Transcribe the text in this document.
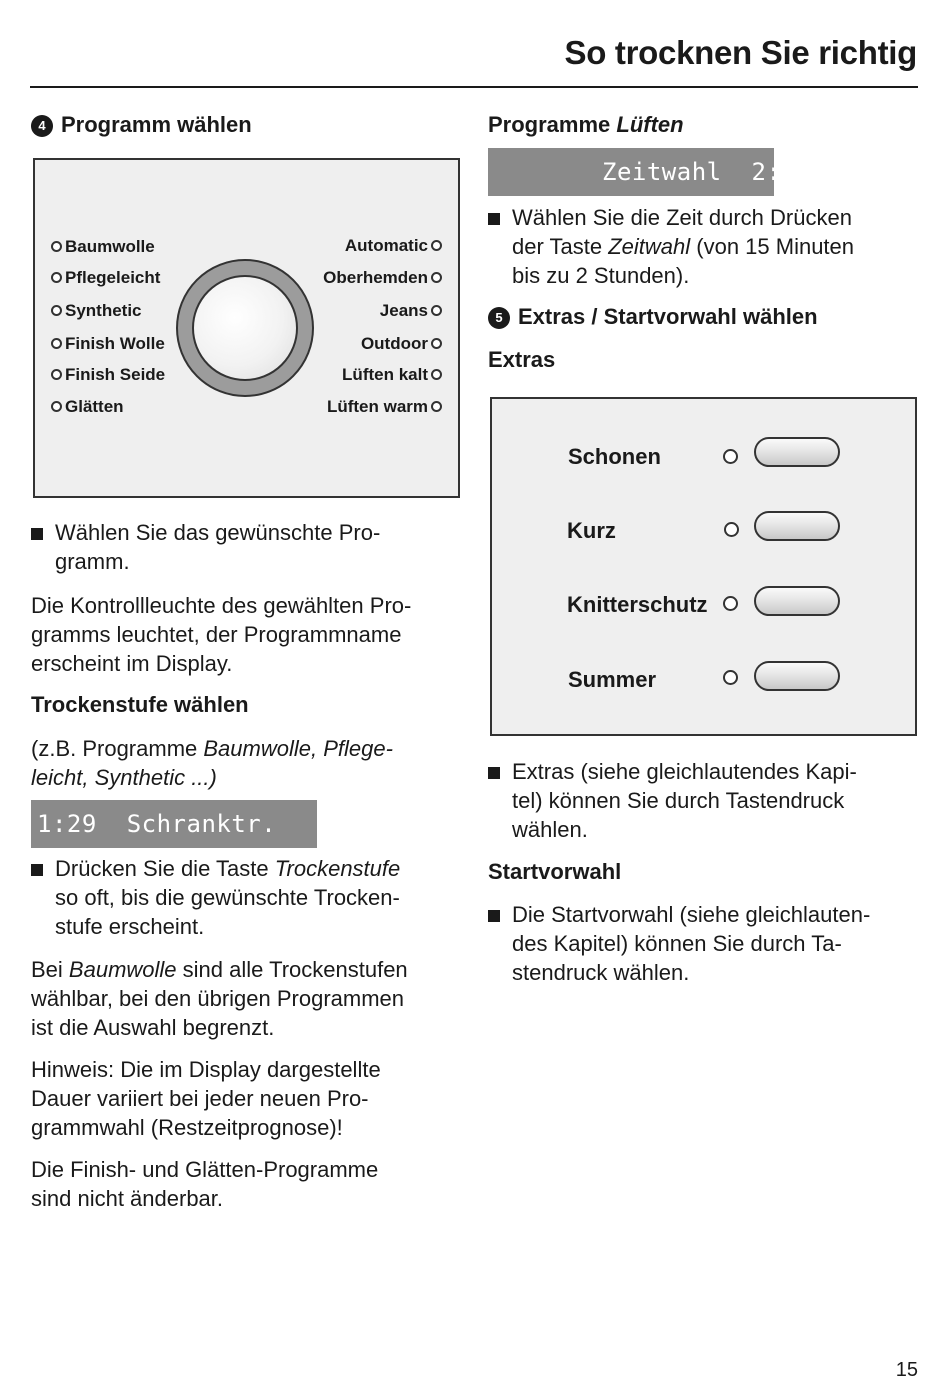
So trocknen Sie richtig
4 Programm wählen
Baumwolle
Pflegeleicht
Synthetic
Finish Wolle
Finish Seide
Glätten
Automatic
Oberhemden
Jeans
Outdoor
Lüften kalt
Lüften warm
Wählen Sie das gewünschte Pro-
gramm.
Die Kontrollleuchte des gewählten Pro-
gramms leuchtet, der Programmname
erscheint im Display.
Trockenstufe wählen
(z.B. Programme Baumwolle, Pflege-
leicht, Synthetic ...)
1:29  Schranktr.
Drücken Sie die Taste Trockenstufe
so oft, bis die gewünschte Trocken-
stufe erscheint.
Bei Baumwolle sind alle Trockenstufen
wählbar, bei den übrigen Programmen
ist die Auswahl begrenzt.
Hinweis: Die im Display dargestellte
Dauer variiert bei jeder neuen Pro-
grammwahl (Restzeitprognose)!
Die Finish- und Glätten-Programme
sind nicht änderbar.
Programme Lüften
Zeitwahl  2:00
Wählen Sie die Zeit durch Drücken
der Taste Zeitwahl (von 15 Minuten
bis zu 2 Stunden).
5 Extras / Startvorwahl wählen
Extras
Schonen
Kurz
Knitterschutz
Summer
Extras (siehe gleichlautendes Kapi-
tel) können Sie durch Tastendruck
wählen.
Startvorwahl
Die Startvorwahl (siehe gleichlauten-
des Kapitel) können Sie durch Ta-
stendruck wählen.
15
